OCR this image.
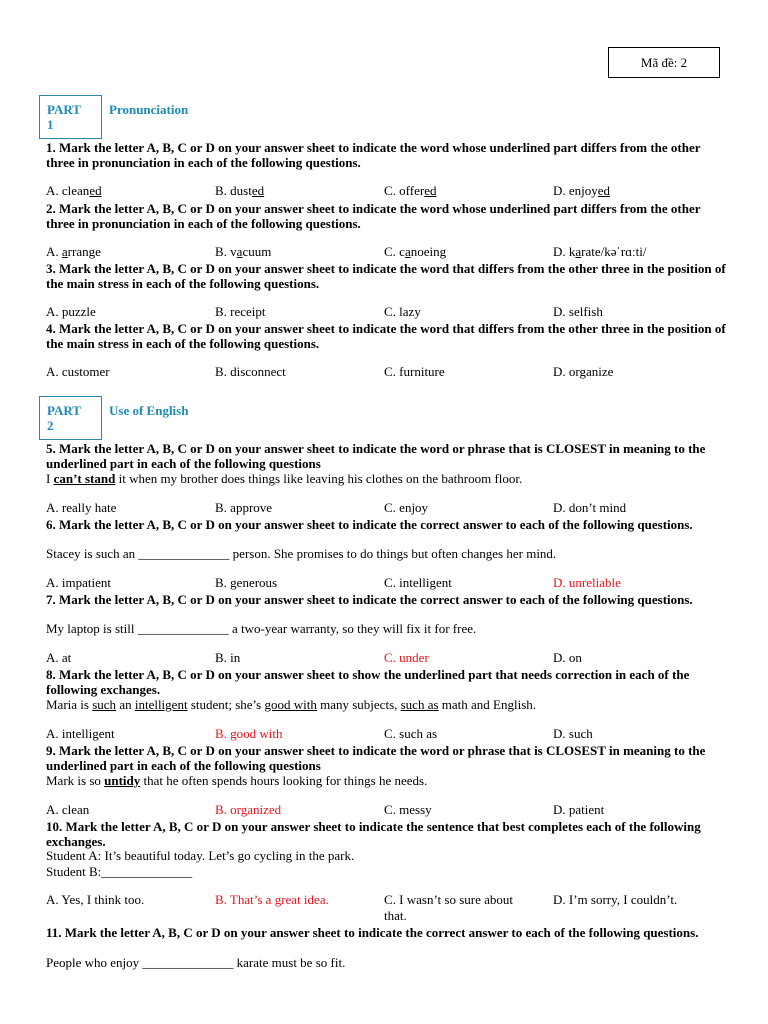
Mã đề: 2
PART
1
Pronunciation
1. Mark the letter A, B, C or D on your answer sheet to indicate the word whose underlined part differs from the other three in pronunciation in each of the following questions.
A. cleaned	B. dusted	C. offered	D. enjoyed
2. Mark the letter A, B, C or D on your answer sheet to indicate the word whose underlined part differs from the other three in pronunciation in each of the following questions.
A. arrange	B. vacuum	C. canoeing	D. karate/kəˈrɑːti/
3. Mark the letter A, B, C or D on your answer sheet to indicate the word that differs from the other three in the position of the main stress in each of the following questions.
A. puzzle	B. receipt	C. lazy	D. selfish
4. Mark the letter A, B, C or D on your answer sheet to indicate the word that differs from the other three in the position of the main stress in each of the following questions.
A. customer	B. disconnect	C. furniture	D. organize
PART
2
Use of English
5. Mark the letter A, B, C or D on your answer sheet to indicate the word or phrase that is CLOSEST in meaning to the underlined part in each of the following questions
I can’t stand it when my brother does things like leaving his clothes on the bathroom floor.
A. really hate	B. approve	C. enjoy	D. don’t mind
6. Mark the letter A, B, C or D on your answer sheet to indicate the correct answer to each of the following questions.
Stacey is such an ______________ person. She promises to do things but often changes her mind.
A. impatient	B. generous	C. intelligent	D. unreliable
7. Mark the letter A, B, C or D on your answer sheet to indicate the correct answer to each of the following questions.
My laptop is still ______________ a two-year warranty, so they will fix it for free.
A. at	B. in	C. under	D. on
8. Mark the letter A, B, C or D on your answer sheet to show the underlined part that needs correction in each of the following exchanges.
Maria is such an intelligent student; she’s good with many subjects, such as math and English.
A. intelligent	B. good with	C. such as	D. such
9. Mark the letter A, B, C or D on your answer sheet to indicate the word or phrase that is CLOSEST in meaning to the underlined part in each of the following questions
Mark is so untidy that he often spends hours looking for things he needs.
A. clean	B. organized	C. messy	D. patient
10. Mark the letter A, B, C or D on your answer sheet to indicate the sentence that best completes each of the following exchanges.
Student A: It’s beautiful today. Let’s go cycling in the park.
Student B:______________
A. Yes, I think too.	B. That’s a great idea.	C. I wasn’t so sure about that.
D. I’m sorry, I couldn’t.
11. Mark the letter A, B, C or D on your answer sheet to indicate the correct answer to each of the following questions.
People who enjoy ______________ karate must be so fit.
